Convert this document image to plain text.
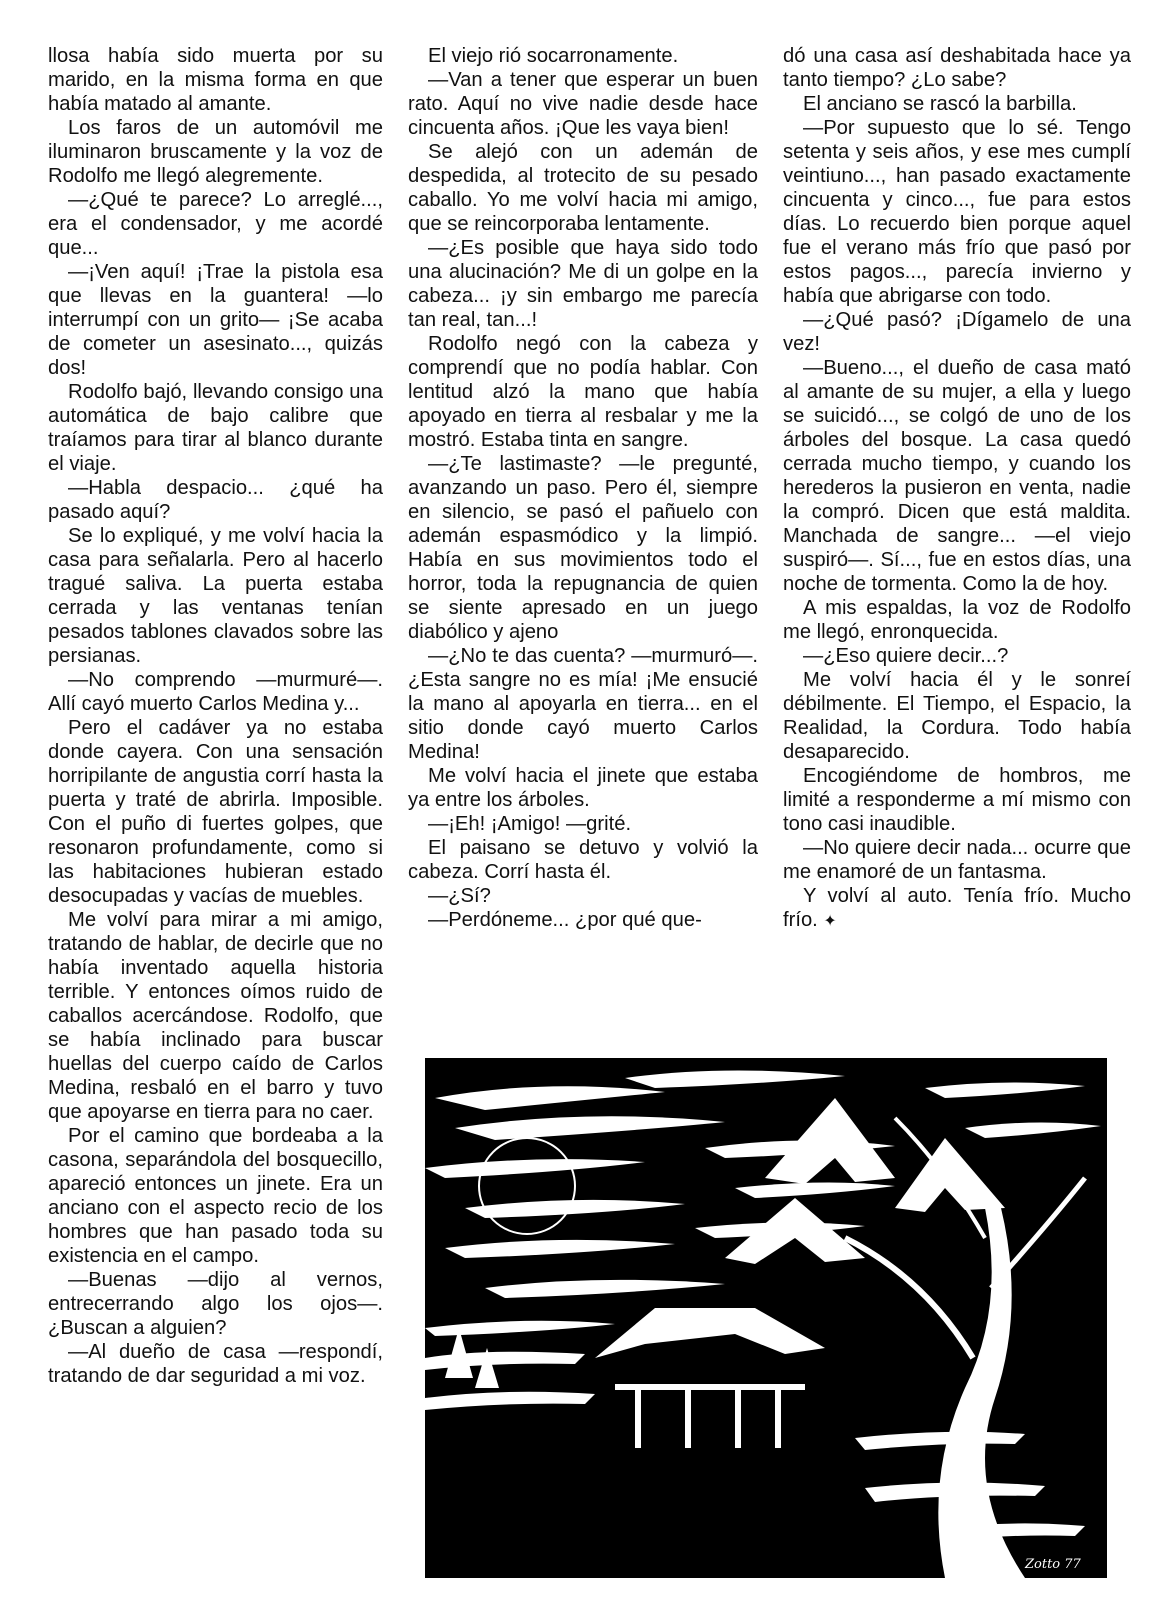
llosa había sido muerta por su marido, en la misma forma en que había matado al amante.

Los faros de un automóvil me iluminaron bruscamente y la voz de Rodolfo me llegó alegremente.

—¿Qué te parece? Lo arreglé..., era el condensador, y me acordé que...

—¡Ven aquí! ¡Trae la pistola esa que llevas en la guantera! —lo interrumpí con un grito— ¡Se acaba de cometer un asesinato..., quizás dos!

Rodolfo bajó, llevando consigo una automática de bajo calibre que traíamos para tirar al blanco durante el viaje.

—Habla despacio... ¿qué ha pasado aquí?

Se lo expliqué, y me volví hacia la casa para señalarla. Pero al hacerlo tragué saliva. La puerta estaba cerrada y las ventanas tenían pesados tablones clavados sobre las persianas.

—No comprendo —murmuré—. Allí cayó muerto Carlos Medina y...

Pero el cadáver ya no estaba donde cayera. Con una sensación horripilante de angustia corrí hasta la puerta y traté de abrirla. Imposible. Con el puño di fuertes golpes, que resonaron profundamente, como si las habitaciones hubieran estado desocupadas y vacías de muebles.

Me volví para mirar a mi amigo, tratando de hablar, de decirle que no había inventado aquella historia terrible. Y entonces oímos ruido de caballos acercándose. Rodolfo, que se había inclinado para buscar huellas del cuerpo caído de Carlos Medina, resbaló en el barro y tuvo que apoyarse en tierra para no caer.

Por el camino que bordeaba a la casona, separándola del bosquecillo, apareció entonces un jinete. Era un anciano con el aspecto recio de los hombres que han pasado toda su existencia en el campo.

—Buenas —dijo al vernos, entrecerrando algo los ojos—. ¿Buscan a alguien?

—Al dueño de casa —respondí, tratando de dar seguridad a mi voz.

El viejo rió socarronamente.

—Van a tener que esperar un buen rato. Aquí no vive nadie desde hace cincuenta años. ¡Que les vaya bien!

Se alejó con un ademán de despedida, al trotecito de su pesado caballo. Yo me volví hacia mi amigo, que se reincorporaba lentamente.

—¿Es posible que haya sido todo una alucinación? Me di un golpe en la cabeza... ¡y sin embargo me parecía tan real, tan...!

Rodolfo negó con la cabeza y comprendí que no podía hablar. Con lentitud alzó la mano que había apoyado en tierra al resbalar y me la mostró. Estaba tinta en sangre.

—¿Te lastimaste? —le pregunté, avanzando un paso. Pero él, siempre en silencio, se pasó el pañuelo con ademán espasmódico y la limpió. Había en sus movimientos todo el horror, toda la repugnancia de quien se siente apresado en un juego diabólico y ajeno

—¿No te das cuenta? —murmuró—. ¿Esta sangre no es mía! ¡Me ensucié la mano al apoyarla en tierra... en el sitio donde cayó muerto Carlos Medina!

Me volví hacia el jinete que estaba ya entre los árboles.

—¡Eh! ¡Amigo! —grité.

El paisano se detuvo y volvió la cabeza. Corrí hasta él.

—¿Sí?

—Perdóneme... ¿por qué que-

dó una casa así deshabitada hace ya tanto tiempo? ¿Lo sabe?

El anciano se rascó la barbilla.

—Por supuesto que lo sé. Tengo setenta y seis años, y ese mes cumplí veintiuno..., han pasado exactamente cincuenta y cinco..., fue para estos días. Lo recuerdo bien porque aquel fue el verano más frío que pasó por estos pagos..., parecía invierno y había que abrigarse con todo.

—¿Qué pasó? ¡Dígamelo de una vez!

—Bueno..., el dueño de casa mató al amante de su mujer, a ella y luego se suicidó..., se colgó de uno de los árboles del bosque. La casa quedó cerrada mucho tiempo, y cuando los herederos la pusieron en venta, nadie la compró. Dicen que está maldita. Manchada de sangre... —el viejo suspiró—. Sí..., fue en estos días, una noche de tormenta. Como la de hoy.

A mis espaldas, la voz de Rodolfo me llegó, enronquecida.

—¿Eso quiere decir...?

Me volví hacia él y le sonreí débilmente. El Tiempo, el Espacio, la Realidad, la Cordura. Todo había desaparecido.

Encogiéndome de hombros, me limité a responderme a mí mismo con tono casi inaudible.

—No quiere decir nada... ocurre que me enamoré de un fantasma.

Y volví al auto. Tenía frío. Mucho frío. ✦

Zotto 77
